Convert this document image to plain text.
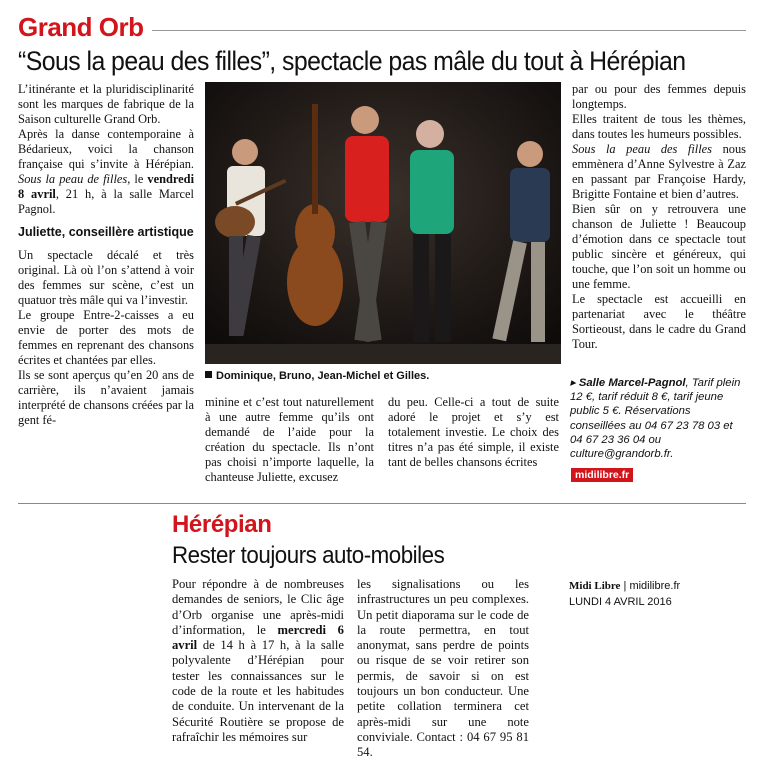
Grand Orb
“Sous la peau des filles”, spectacle pas mâle du tout à Hérépian

L’itinérante et la pluridisciplinarité sont les marques de fabrique de la Saison culturelle Grand Orb.

Après la danse contemporaine à Bédarieux, voici la chanson française qui s’invite à Hérépian. Sous la peau de filles, le vendredi 8 avril, 21 h, à la salle Marcel Pagnol.

Juliette, conseillère artistique

Un spectacle décalé et très original. Là où l’on s’attend à voir des femmes sur scène, c’est un quatuor très mâle qui va l’investir.

Le groupe Entre-2-caisses a eu envie de porter des mots de femmes en reprenant des chansons écrites et chantées par elles.

Ils se sont aperçus qu’en 20 ans de carrière, ils n’avaient jamais interprété de chansons créées par la gent fé-

Dominique, Bruno, Jean-Michel et Gilles.

minine et c’est tout naturellement à une autre femme qu’ils ont demandé de l’aide pour la création du spectacle. Ils n’ont pas choisi n’importe laquelle, la chanteuse Juliette, excusez

du peu. Celle-ci a tout de suite adoré le projet et s’y est totalement investie. Le choix des titres n’a pas été simple, il existe tant de belles chansons écrites

par ou pour des femmes depuis longtemps.

Elles traitent de tous les thèmes, dans toutes les humeurs possibles.

Sous la peau des filles nous emmènera d’Anne Sylvestre à Zaz en passant par Françoise Hardy, Brigitte Fontaine et bien d’autres.

Bien sûr on y retrouvera une chanson de Juliette ! Beaucoup d’émotion dans ce spectacle tout public sincère et généreux, qui touche, que l’on soit un homme ou une femme.

Le spectacle est accueilli en partenariat avec le théâtre Sortieoust, dans le cadre du Grand Tour.

▸ Salle Marcel-Pagnol, Tarif plein 12 €, tarif réduit 8 €, tarif jeune public 5 €. Réservations conseillées au 04 67 23 78 03 et 04 67 23 36 04 ou culture@grandorb.fr.
midilibre.fr
Hérépian
Rester toujours auto-mobiles

Pour répondre à de nombreuses demandes de seniors, le Clic âge d’Orb organise une après-midi d’information, le mercredi 6 avril de 14 h à 17 h, à la salle polyvalente d’Hérépian pour tester les connaissances sur le code de la route et les habitudes de conduite. Un intervenant de la Sécurité Routière se propose de rafraîchir les mémoires sur

les signalisations ou les infrastructures un peu complexes. Un petit diaporama sur le code de la route permettra, en tout anonymat, sans perdre de points ou risque de se voir retirer son permis, de savoir si on est toujours un bon conducteur. Une petite collation terminera cet après-midi sur une note conviviale. Contact : 04 67 95 81 54.

Midi Libre | midilibre.fr
LUNDI 4 AVRIL 2016
